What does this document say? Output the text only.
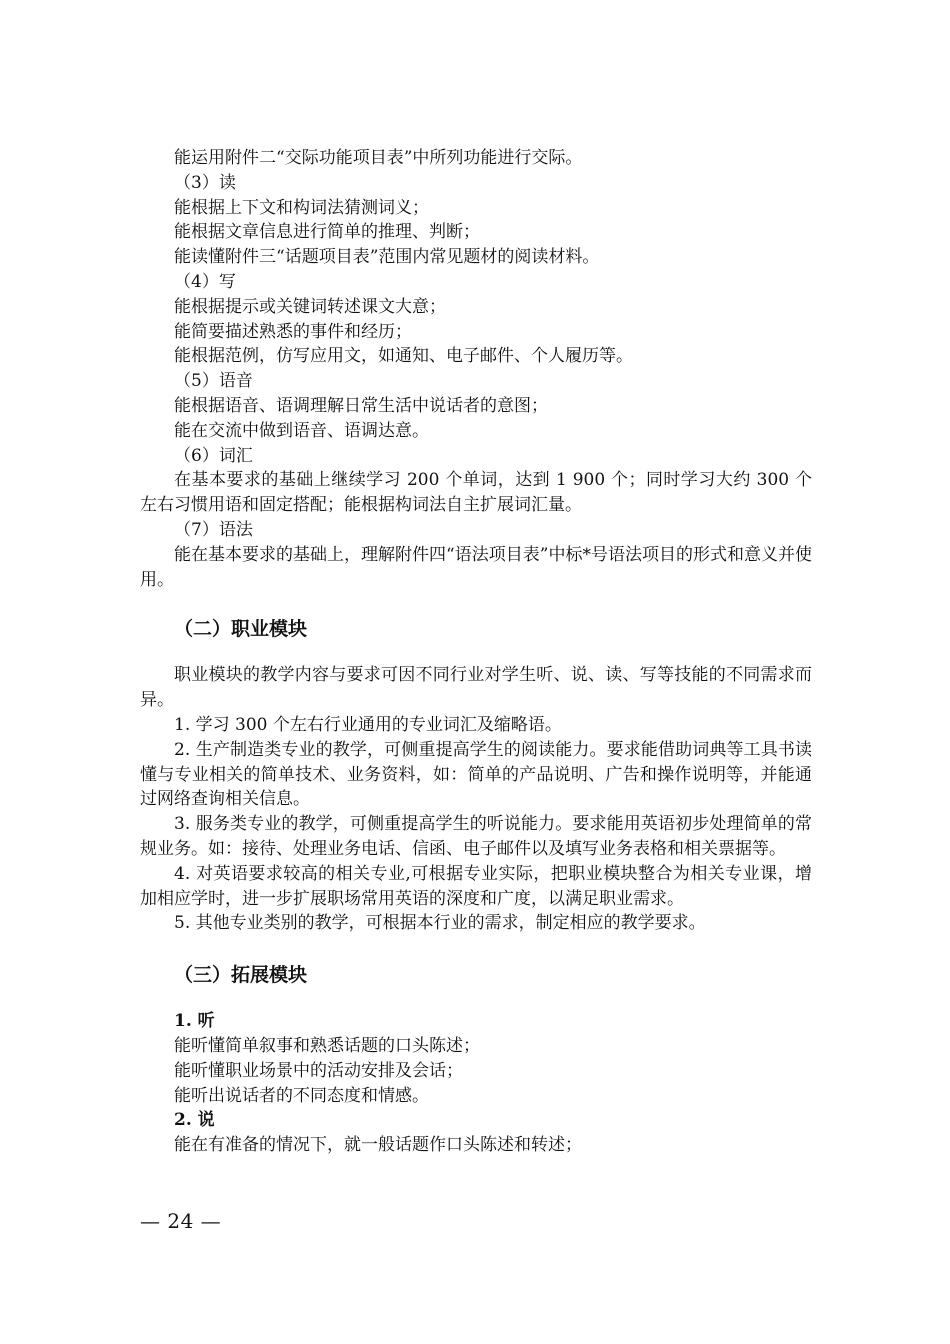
能运用附件二“交际功能项目表”中所列功能进行交际。

（3）读

能根据上下文和构词法猜测词义；

能根据文章信息进行简单的推理、判断；

能读懂附件三“话题项目表”范围内常见题材的阅读材料。

（4）写

能根据提示或关键词转述课文大意；

能简要描述熟悉的事件和经历；

能根据范例，仿写应用文，如通知、电子邮件、个人履历等。

（5）语音

能根据语音、语调理解日常生活中说话者的意图；

能在交流中做到语音、语调达意。

（6）词汇

在基本要求的基础上继续学习 200 个单词，达到 1 900 个；同时学习大约 300 个左右习惯用语和固定搭配；能根据构词法自主扩展词汇量。

（7）语法

能在基本要求的基础上，理解附件四“语法项目表”中标*号语法项目的形式和意义并使用。

（二）职业模块

职业模块的教学内容与要求可因不同行业对学生听、说、读、写等技能的不同需求而异。

1. 学习 300 个左右行业通用的专业词汇及缩略语。

2. 生产制造类专业的教学，可侧重提高学生的阅读能力。要求能借助词典等工具书读懂与专业相关的简单技术、业务资料，如：简单的产品说明、广告和操作说明等，并能通过网络查询相关信息。

3. 服务类专业的教学，可侧重提高学生的听说能力。要求能用英语初步处理简单的常规业务。如：接待、处理业务电话、信函、电子邮件以及填写业务表格和相关票据等。

4. 对英语要求较高的相关专业,可根据专业实际，把职业模块整合为相关专业课，增加相应学时，进一步扩展职场常用英语的深度和广度，以满足职业需求。

5. 其他专业类别的教学，可根据本行业的需求，制定相应的教学要求。

（三）拓展模块

1. 听

能听懂简单叙事和熟悉话题的口头陈述；

能听懂职业场景中的活动安排及会话；

能听出说话者的不同态度和情感。

2. 说

能在有准备的情况下，就一般话题作口头陈述和转述；

— 24 —
